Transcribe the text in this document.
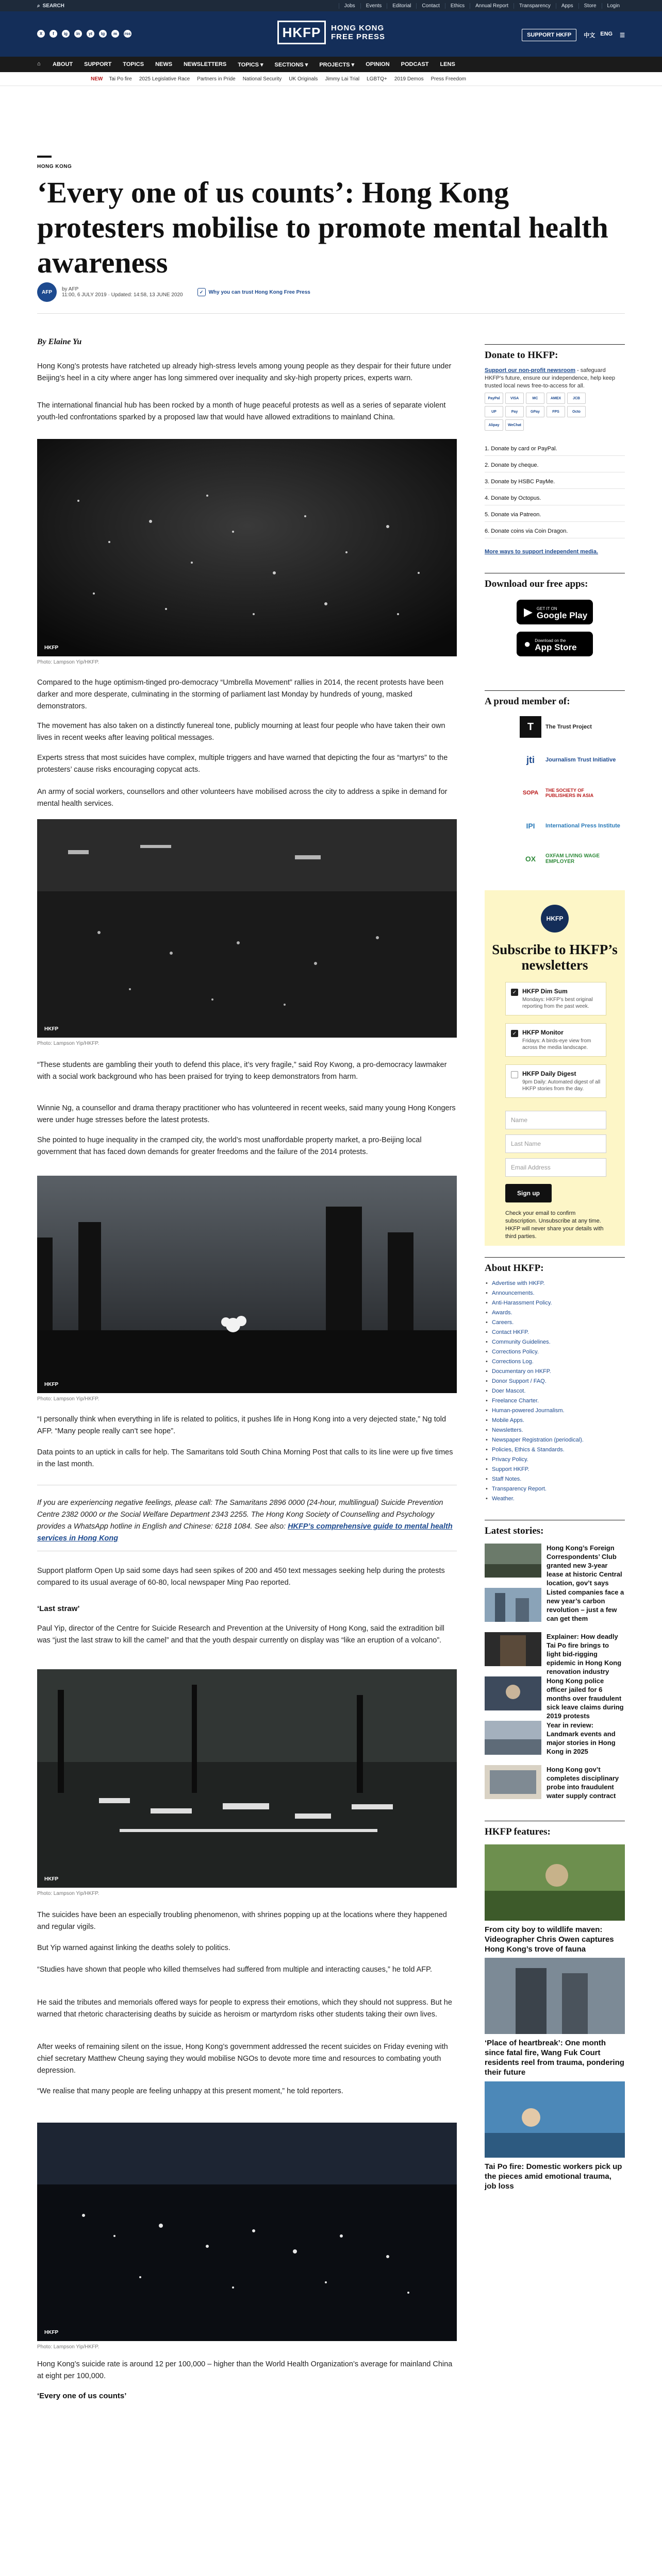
⌕ SEARCH	Jobs	Events	Editorial	Contact	Ethics	Annual Report	Transparency	Apps	Store	Login
X	f	ig	in	yt	tg	m	rss	HKFP	HONG KONG
FREE PRESS	SUPPORT HKFP	中文 ENG ☰
⌂ ABOUT SUPPORT TOPICS NEWS NEWSLETTERS TOPICS ▾ SECTIONS ▾ PROJECTS ▾ OPINION PODCAST LENS
NEW Tai Po fire 2025 Legislative Race Partners in Pride National Security UK Originals Jimmy Lai Trial LGBTQ+ 2019 Demos Press Freedom
HONG KONG
‘Every one of us counts’: Hong Kong protesters mobilise to promote mental health awareness
AFP	by AFP
11:00, 6 JULY 2019 · Updated: 14:58, 13 JUNE 2020
✓	Why you can trust Hong Kong Free Press
By Elaine Yu

Hong Kong’s protests have ratcheted up already high-stress levels among young people as they despair for their future under Beijing’s heel in a city where anger has long simmered over inequality and sky-high property prices, experts warn.

The international financial hub has been rocked by a month of huge peaceful protests as well as a series of separate violent youth-led confrontations sparked by a proposed law that would have allowed extraditions to mainland China.

HKFP
Photo: Lampson Yip/HKFP.

Compared to the huge optimism-tinged pro-democracy “Umbrella Movement” rallies in 2014, the recent protests have been darker and more desperate, culminating in the storming of parliament last Monday by hundreds of young, masked demonstrators.

The movement has also taken on a distinctly funereal tone, publicly mourning at least four people who have taken their own lives in recent weeks after leaving political messages.

Experts stress that most suicides have complex, multiple triggers and have warned that depicting the four as “martyrs” to the protesters’ cause risks encouraging copycat acts.

An army of social workers, counsellors and other volunteers have mobilised across the city to address a spike in demand for mental health services.

HKFP
Photo: Lampson Yip/HKFP.

“These students are gambling their youth to defend this place, it’s very fragile,” said Roy Kwong, a pro-democracy lawmaker with a social work background who has been praised for trying to keep demonstrators from harm.

Winnie Ng, a counsellor and drama therapy practitioner who has volunteered in recent weeks, said many young Hong Kongers were under huge stresses before the latest protests.

She pointed to huge inequality in the cramped city, the world’s most unaffordable property market, a pro-Beijing local government that has faced down demands for greater freedoms and the failure of the 2014 protests.

HKFP
Photo: Lampson Yip/HKFP.

“I personally think when everything in life is related to politics, it pushes life in Hong Kong into a very dejected state,” Ng told AFP. “Many people really can’t see hope”.

Data points to an uptick in calls for help. The Samaritans told South China Morning Post that calls to its line were up five times in the last month.

If you are experiencing negative feelings, please call: The Samaritans 2896 0000 (24-hour, multilingual) Suicide Prevention Centre 2382 0000 or the Social Welfare Department 2343 2255. The Hong Kong Society of Counselling and Psychology provides a WhatsApp hotline in English and Chinese: 6218 1084. See also: HKFP’s comprehensive guide to mental health services in Hong Kong

Support platform Open Up said some days had seen spikes of 200 and 450 text messages seeking help during the protests compared to its usual average of 60-80, local newspaper Ming Pao reported.

‘Last straw’

Paul Yip, director of the Centre for Suicide Research and Prevention at the University of Hong Kong, said the extradition bill was “just the last straw to kill the camel” and that the youth despair currently on display was “like an eruption of a volcano”.

HKFP
Photo: Lampson Yip/HKFP.

The suicides have been an especially troubling phenomenon, with shrines popping up at the locations where they happened and regular vigils.

But Yip warned against linking the deaths solely to politics.

“Studies have shown that people who killed themselves had suffered from multiple and interacting causes,” he told AFP.

He said the tributes and memorials offered ways for people to express their emotions, which they should not suppress. But he warned that rhetoric characterising deaths by suicide as heroism or martyrdom risks other students taking their own lives.

After weeks of remaining silent on the issue, Hong Kong’s government addressed the recent suicides on Friday evening with chief secretary Matthew Cheung saying they would mobilise NGOs to devote more time and resources to combating youth depression.

“We realise that many people are feeling unhappy at this present moment,” he told reporters.

HKFP
Photo: Lampson Yip/HKFP.

Hong Kong’s suicide rate is around 12 per 100,000 – higher than the World Health Organization’s average for mainland China at eight per 100,000.

‘Every one of us counts’
Donate to HKFP:
Support our non-profit newsroom - safeguard HKFP’s future, ensure our independence, help keep trusted local news free-to-access for all.
PayPal	VISA	MC	AMEX	JCB
UP	Pay	GPay	FPS	Octo
Alipay	WeChat
1. Donate by card or PayPal.
2. Donate by cheque.
3. Donate by HSBC PayMe.
4. Donate by Octopus.
5. Donate via Patreon.
6. Donate coins via Coin Dragon.
More ways to support independent media.
Download our free apps:
▶ GET IT ON
Google Play
● Download on the
App Store
A proud member of:
T	The Trust Project
jti	Journalism Trust Initiative
SOPA	THE SOCIETY OF PUBLISHERS IN ASIA
IPI	International Press Institute
OX	OXFAM LIVING WAGE EMPLOYER
HKFP
Subscribe to HKFP’s newsletters
✓ HKFP Dim Sum
Mondays: HKFP’s best original reporting from the past week.
✓ HKFP Monitor
Fridays: A birds-eye view from across the media landscape.
HKFP Daily Digest
9pm Daily: Automated digest of all HKFP stories from the day.
Name
Last Name
Email Address
Sign up
Check your email to confirm subscription. Unsubscribe at any time. HKFP will never share your details with third parties.
About HKFP:
• Advertise with HKFP.
• Announcements.
• Anti-Harassment Policy.
• Awards.
• Careers.
• Contact HKFP.
• Community Guidelines.
• Corrections Policy.
• Corrections Log.
• Documentary on HKFP.
• Donor Support / FAQ.
• Doer Mascot.
• Freelance Charter.
• Human-powered Journalism.
• Mobile Apps.
• Newsletters.
• Newspaper Registration (periodical).
• Policies, Ethics & Standards.
• Privacy Policy.
• Support HKFP.
• Staff Notes.
• Transparency Report.
• Weather.
Latest stories:
Hong Kong’s Foreign Correspondents’ Club granted new 3-year lease at historic Central location, gov’t says
Listed companies face a new year’s carbon revolution – just a few can get them
Explainer: How deadly Tai Po fire brings to light bid-rigging epidemic in Hong Kong renovation industry
Hong Kong police officer jailed for 6 months over fraudulent sick leave claims during 2019 protests
Year in review: Landmark events and major stories in Hong Kong in 2025
Hong Kong gov’t completes disciplinary probe into fraudulent water supply contract
HKFP features:
From city boy to wildlife maven: Videographer Chris Owen captures Hong Kong’s trove of fauna
‘Place of heartbreak’: One month since fatal fire, Wang Fuk Court residents reel from trauma, pondering their future
Tai Po fire: Domestic workers pick up the pieces amid emotional trauma, job loss
